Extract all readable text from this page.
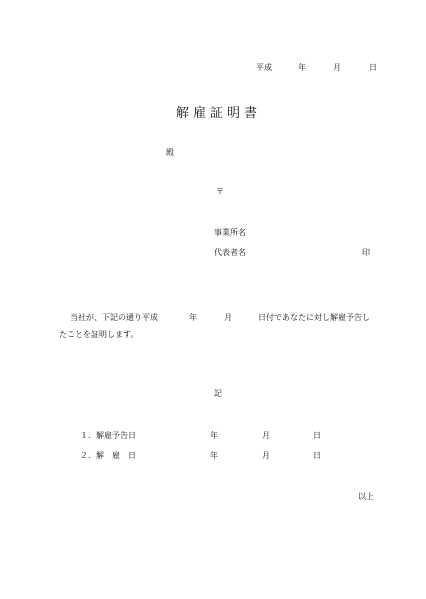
平成	年	月	日
解雇証明書
殿
〒
事業所名
代表者名	印
当社が、下記の通り平成	年	月	日付であなたに対し解雇予告し
たことを証明します。
記
１．解雇予告日	年	月	日
２．解　雇　日	年	月	日
以上
